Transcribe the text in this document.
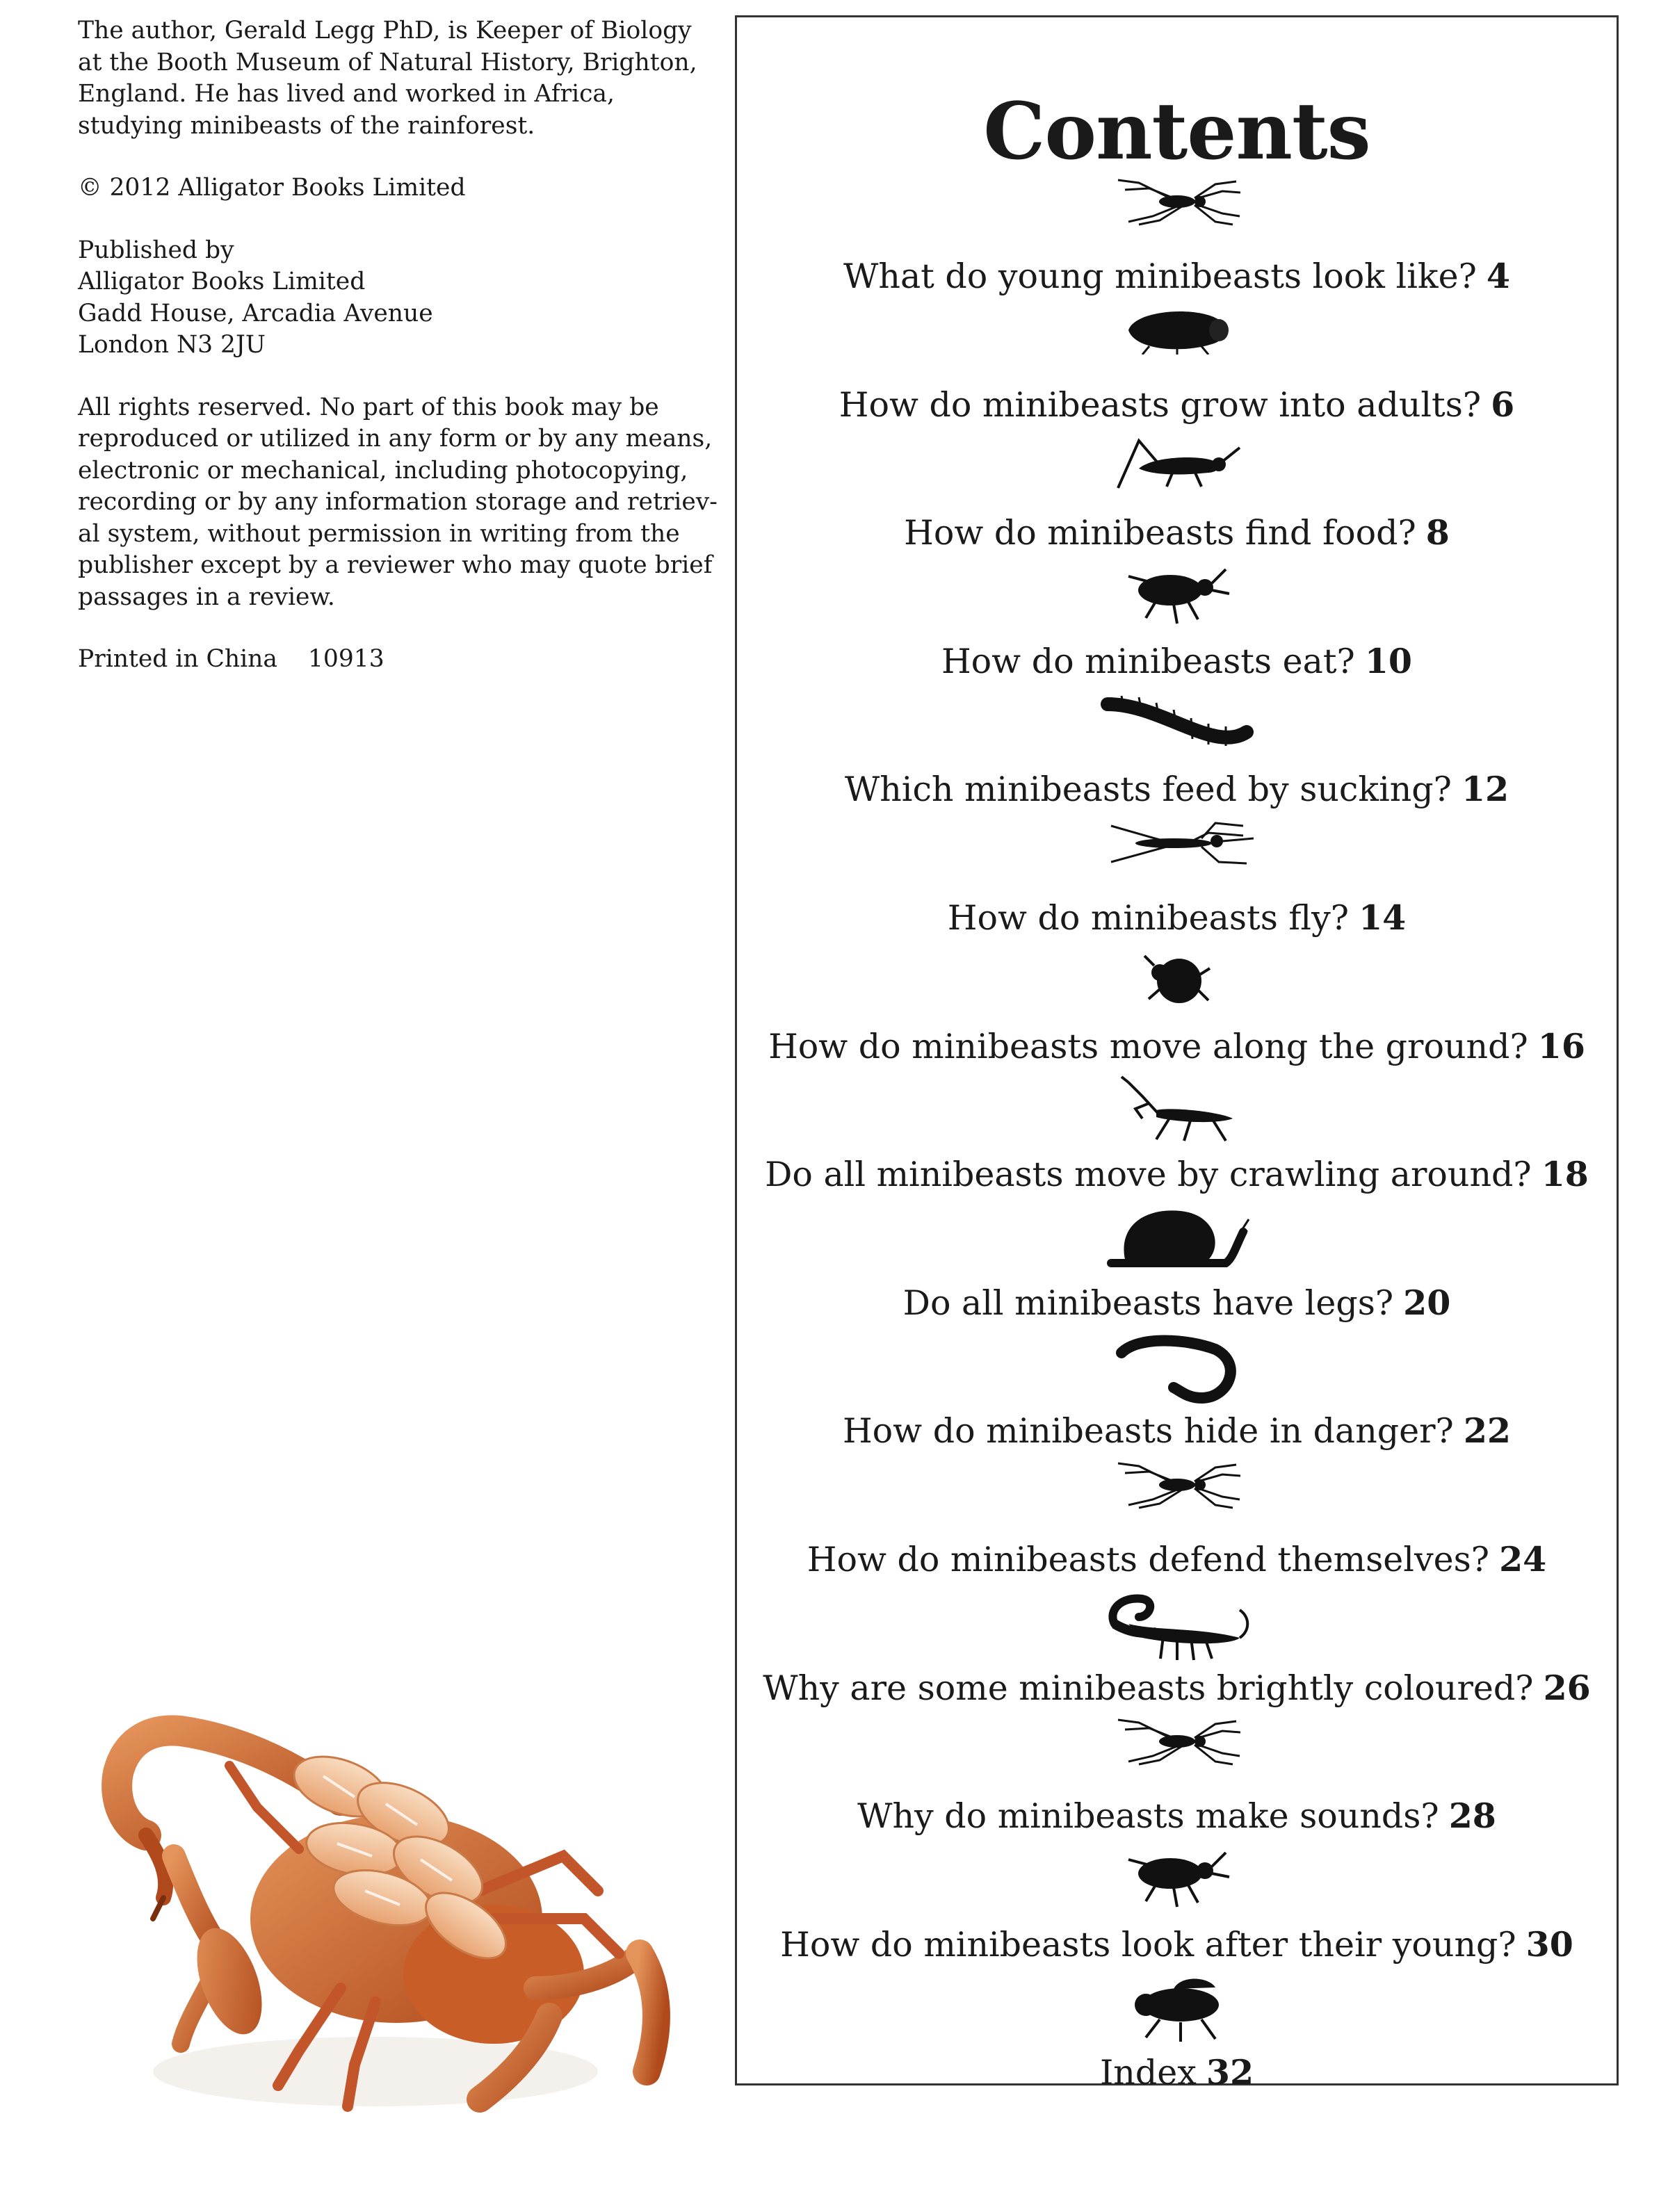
The author, Gerald Legg PhD, is Keeper of Biology
at the Booth Museum of Natural History, Brighton,
England. He has lived and worked in Africa,
studying minibeasts of the rainforest.

© 2012 Alligator Books Limited

Published by
Alligator Books Limited
Gadd House, Arcadia Avenue
London N3 2JU

All rights reserved. No part of this book may be
reproduced or utilized in any form or by any means,
electronic or mechanical, including photocopying,
recording or by any information storage and retriev-
al system, without permission in writing from the
publisher except by a reviewer who may quote brief
passages in a review.

Printed in China 10913
Contents
What do young minibeasts look like? 4
How do minibeasts grow into adults? 6
How do minibeasts find food? 8
How do minibeasts eat? 10
Which minibeasts feed by sucking? 12
How do minibeasts fly? 14
How do minibeasts move along the ground? 16
Do all minibeasts move by crawling around? 18
Do all minibeasts have legs? 20
How do minibeasts hide in danger? 22
How do minibeasts defend themselves? 24
Why are some minibeasts brightly coloured? 26
Why do minibeasts make sounds? 28
How do minibeasts look after their young? 30
Index 32
